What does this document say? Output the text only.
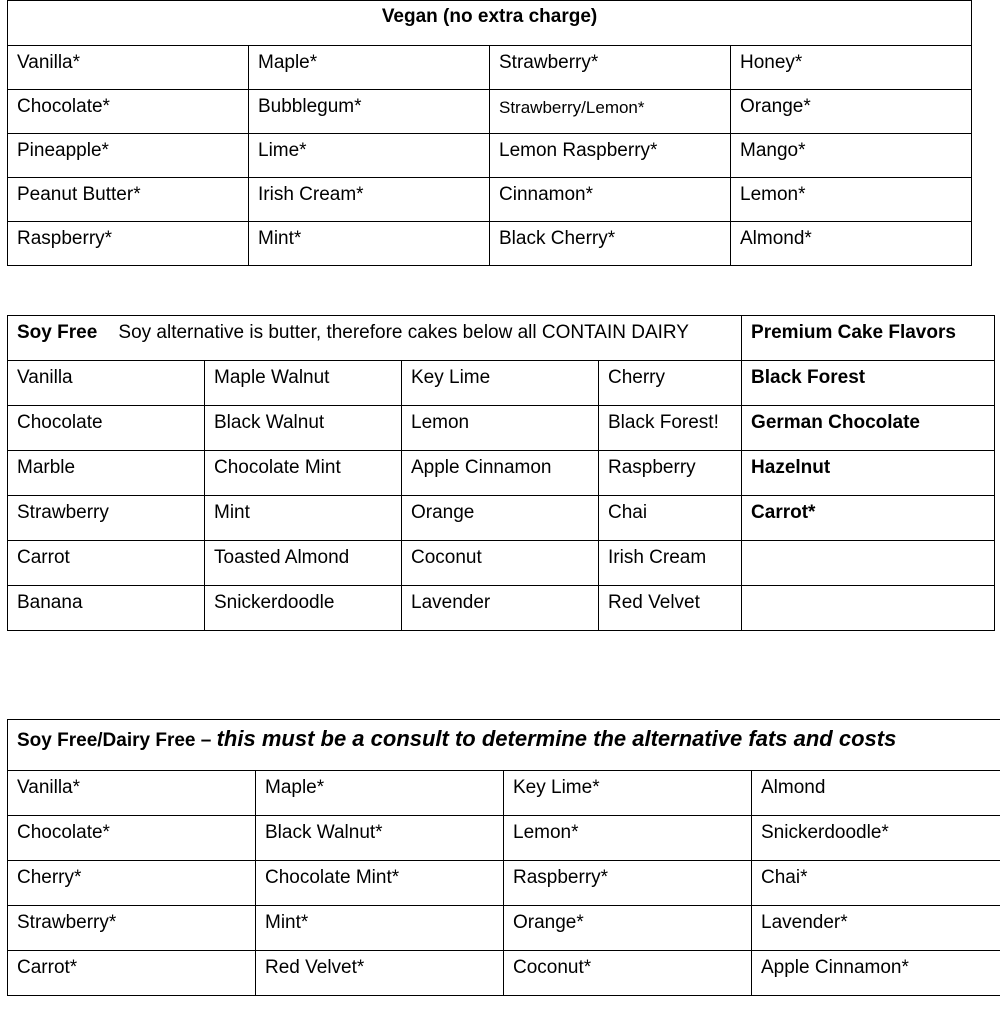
Vegan (no extra charge)			
Vanilla*	Maple*	Strawberry*	Honey*
Chocolate*	Bubblegum*	Strawberry/Lemon*	Orange*
Pineapple*	Lime*	Lemon Raspberry*	Mango*
Peanut Butter*	Irish Cream*	Cinnamon*	Lemon*
Raspberry*	Mint*	Black Cherry*	Almond*
Soy Free Soy alternative is butter, therefore cakes below all CONTAIN DAIRY				Premium Cake Flavors
Vanilla	Maple Walnut	Key Lime	Cherry	Black Forest
Chocolate	Black Walnut	Lemon	Black Forest!	German Chocolate
Marble	Chocolate Mint	Apple Cinnamon	Raspberry	Hazelnut
Strawberry	Mint	Orange	Chai	Carrot*
Carrot	Toasted Almond	Coconut	Irish Cream	
Banana	Snickerdoodle	Lavender	Red Velvet	
Soy Free/Dairy Free – this must be a consult to determine the alternative fats and costs			
Vanilla*	Maple*	Key Lime*	Almond
Chocolate*	Black Walnut*	Lemon*	Snickerdoodle*
Cherry*	Chocolate Mint*	Raspberry*	Chai*
Strawberry*	Mint*	Orange*	Lavender*
Carrot*	Red Velvet*	Coconut*	Apple Cinnamon*
